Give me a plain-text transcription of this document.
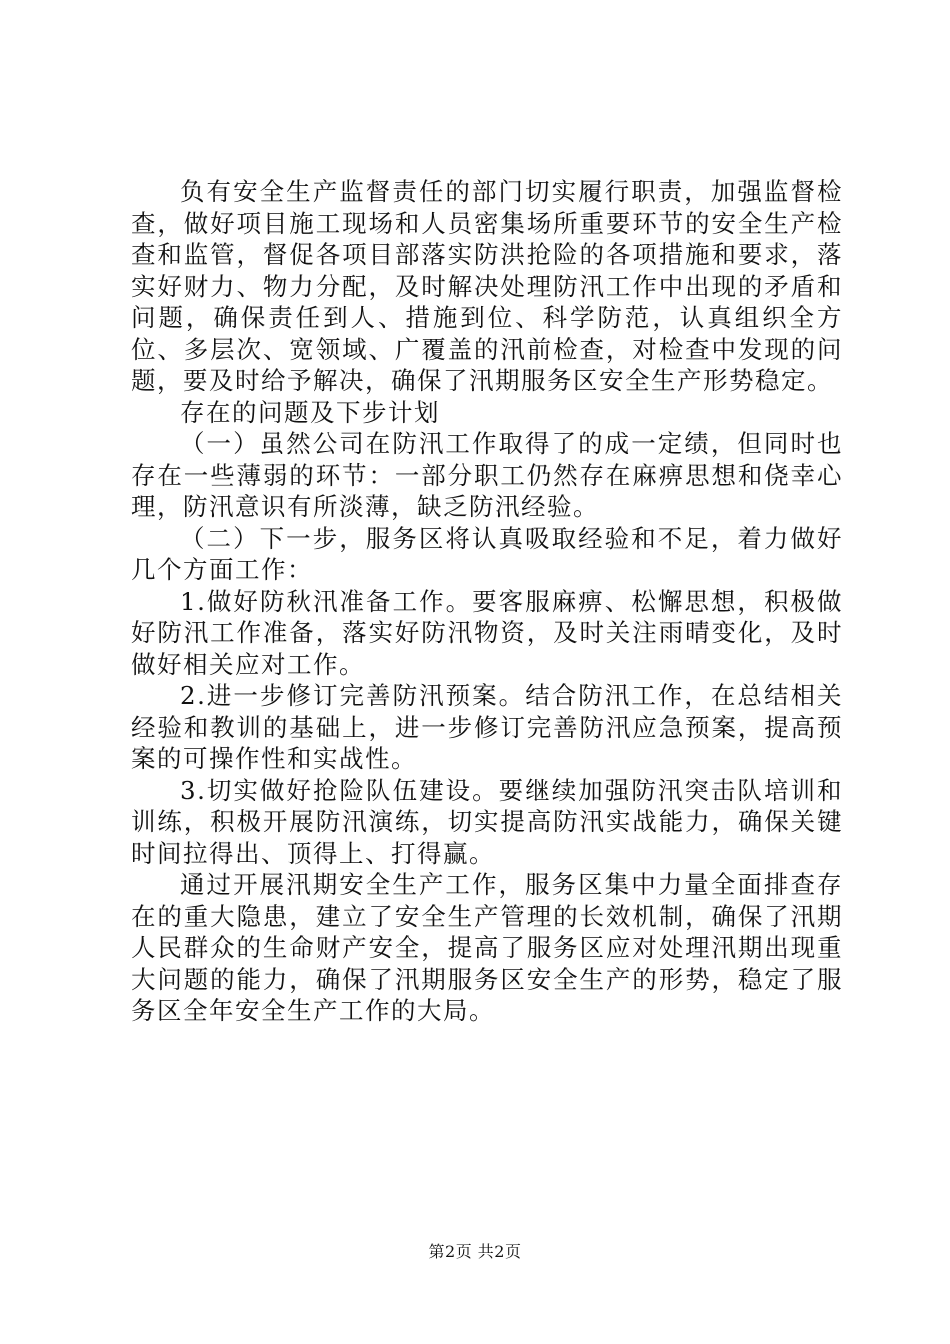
负有安全生产监督责任的部门切实履行职责，加强监督检查，做好项目施工现场和人员密集场所重要环节的安全生产检查和监管，督促各项目部落实防洪抢险的各项措施和要求，落实好财力、物力分配，及时解决处理防汛工作中出现的矛盾和问题，确保责任到人、措施到位、科学防范，认真组织全方位、多层次、宽领域、广覆盖的汛前检查，对检查中发现的问题，要及时给予解决，确保了汛期服务区安全生产形势稳定。

存在的问题及下步计划

（一）虽然公司在防汛工作取得了的成一定绩，但同时也存在一些薄弱的环节：一部分职工仍然存在麻痹思想和侥幸心理，防汛意识有所淡薄，缺乏防汛经验。

（二）下一步，服务区将认真吸取经验和不足，着力做好几个方面工作：

1.做好防秋汛准备工作。要客服麻痹、松懈思想，积极做好防汛工作准备，落实好防汛物资，及时关注雨晴变化，及时做好相关应对工作。

2.进一步修订完善防汛预案。结合防汛工作，在总结相关经验和教训的基础上，进一步修订完善防汛应急预案，提高预案的可操作性和实战性。

3.切实做好抢险队伍建设。要继续加强防汛突击队培训和训练，积极开展防汛演练，切实提高防汛实战能力，确保关键时间拉得出、顶得上、打得赢。

通过开展汛期安全生产工作，服务区集中力量全面排查存在的重大隐患，建立了安全生产管理的长效机制，确保了汛期人民群众的生命财产安全，提高了服务区应对处理汛期出现重大问题的能力，确保了汛期服务区安全生产的形势，稳定了服务区全年安全生产工作的大局。

第2页 共2页
